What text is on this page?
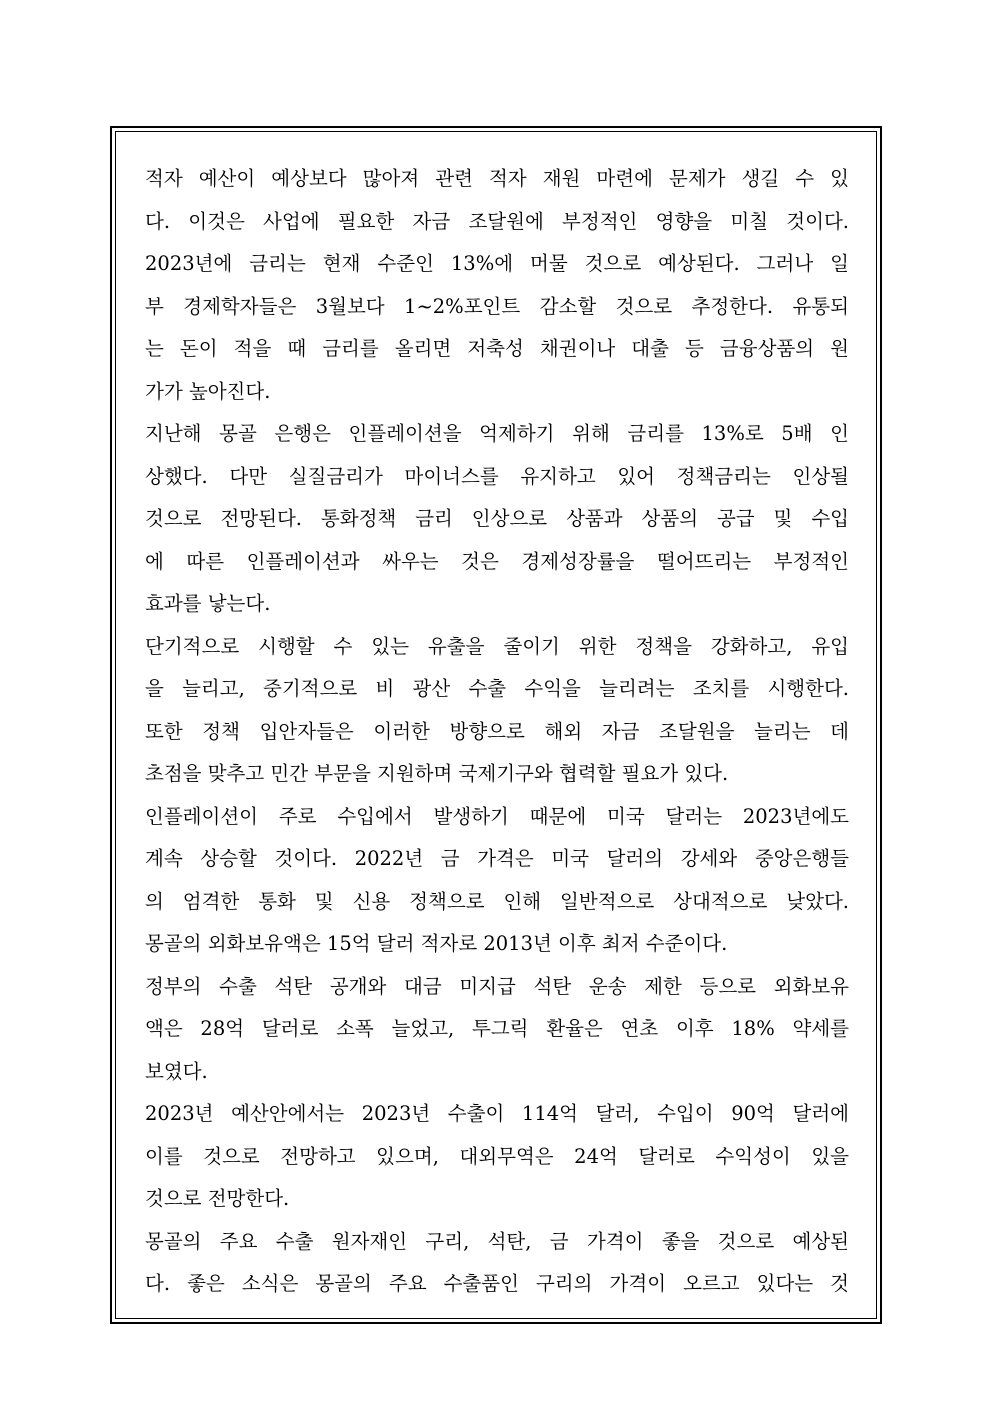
적자 예산이 예상보다 많아져 관련 적자 재원 마련에 문제가 생길 수 있
다. 이것은 사업에 필요한 자금 조달원에 부정적인 영향을 미칠 것이다.
2023년에 금리는 현재 수준인 13%에 머물 것으로 예상된다. 그러나 일
부 경제학자들은 3월보다 1~2%포인트 감소할 것으로 추정한다. 유통되
는 돈이 적을 때 금리를 올리면 저축성 채권이나 대출 등 금융상품의 원
가가 높아진다.
지난해 몽골 은행은 인플레이션을 억제하기 위해 금리를 13%로 5배 인
상했다. 다만 실질금리가 마이너스를 유지하고 있어 정책금리는 인상될
것으로 전망된다. 통화정책 금리 인상으로 상품과 상품의 공급 및 수입
에 따른 인플레이션과 싸우는 것은 경제성장률을 떨어뜨리는 부정적인
효과를 낳는다.
단기적으로 시행할 수 있는 유출을 줄이기 위한 정책을 강화하고, 유입
을 늘리고, 중기적으로 비 광산 수출 수익을 늘리려는 조치를 시행한다.
또한 정책 입안자들은 이러한 방향으로 해외 자금 조달원을 늘리는 데
초점을 맞추고 민간 부문을 지원하며 국제기구와 협력할 필요가 있다.
인플레이션이 주로 수입에서 발생하기 때문에 미국 달러는 2023년에도
계속 상승할 것이다. 2022년 금 가격은 미국 달러의 강세와 중앙은행들
의 엄격한 통화 및 신용 정책으로 인해 일반적으로 상대적으로 낮았다.
몽골의 외화보유액은 15억 달러 적자로 2013년 이후 최저 수준이다.
정부의 수출 석탄 공개와 대금 미지급 석탄 운송 제한 등으로 외화보유
액은 28억 달러로 소폭 늘었고, 투그릭 환율은 연초 이후 18% 약세를
보였다.
2023년 예산안에서는 2023년 수출이 114억 달러, 수입이 90억 달러에
이를 것으로 전망하고 있으며, 대외무역은 24억 달러로 수익성이 있을
것으로 전망한다.
몽골의 주요 수출 원자재인 구리, 석탄, 금 가격이 좋을 것으로 예상된
다. 좋은 소식은 몽골의 주요 수출품인 구리의 가격이 오르고 있다는 것
